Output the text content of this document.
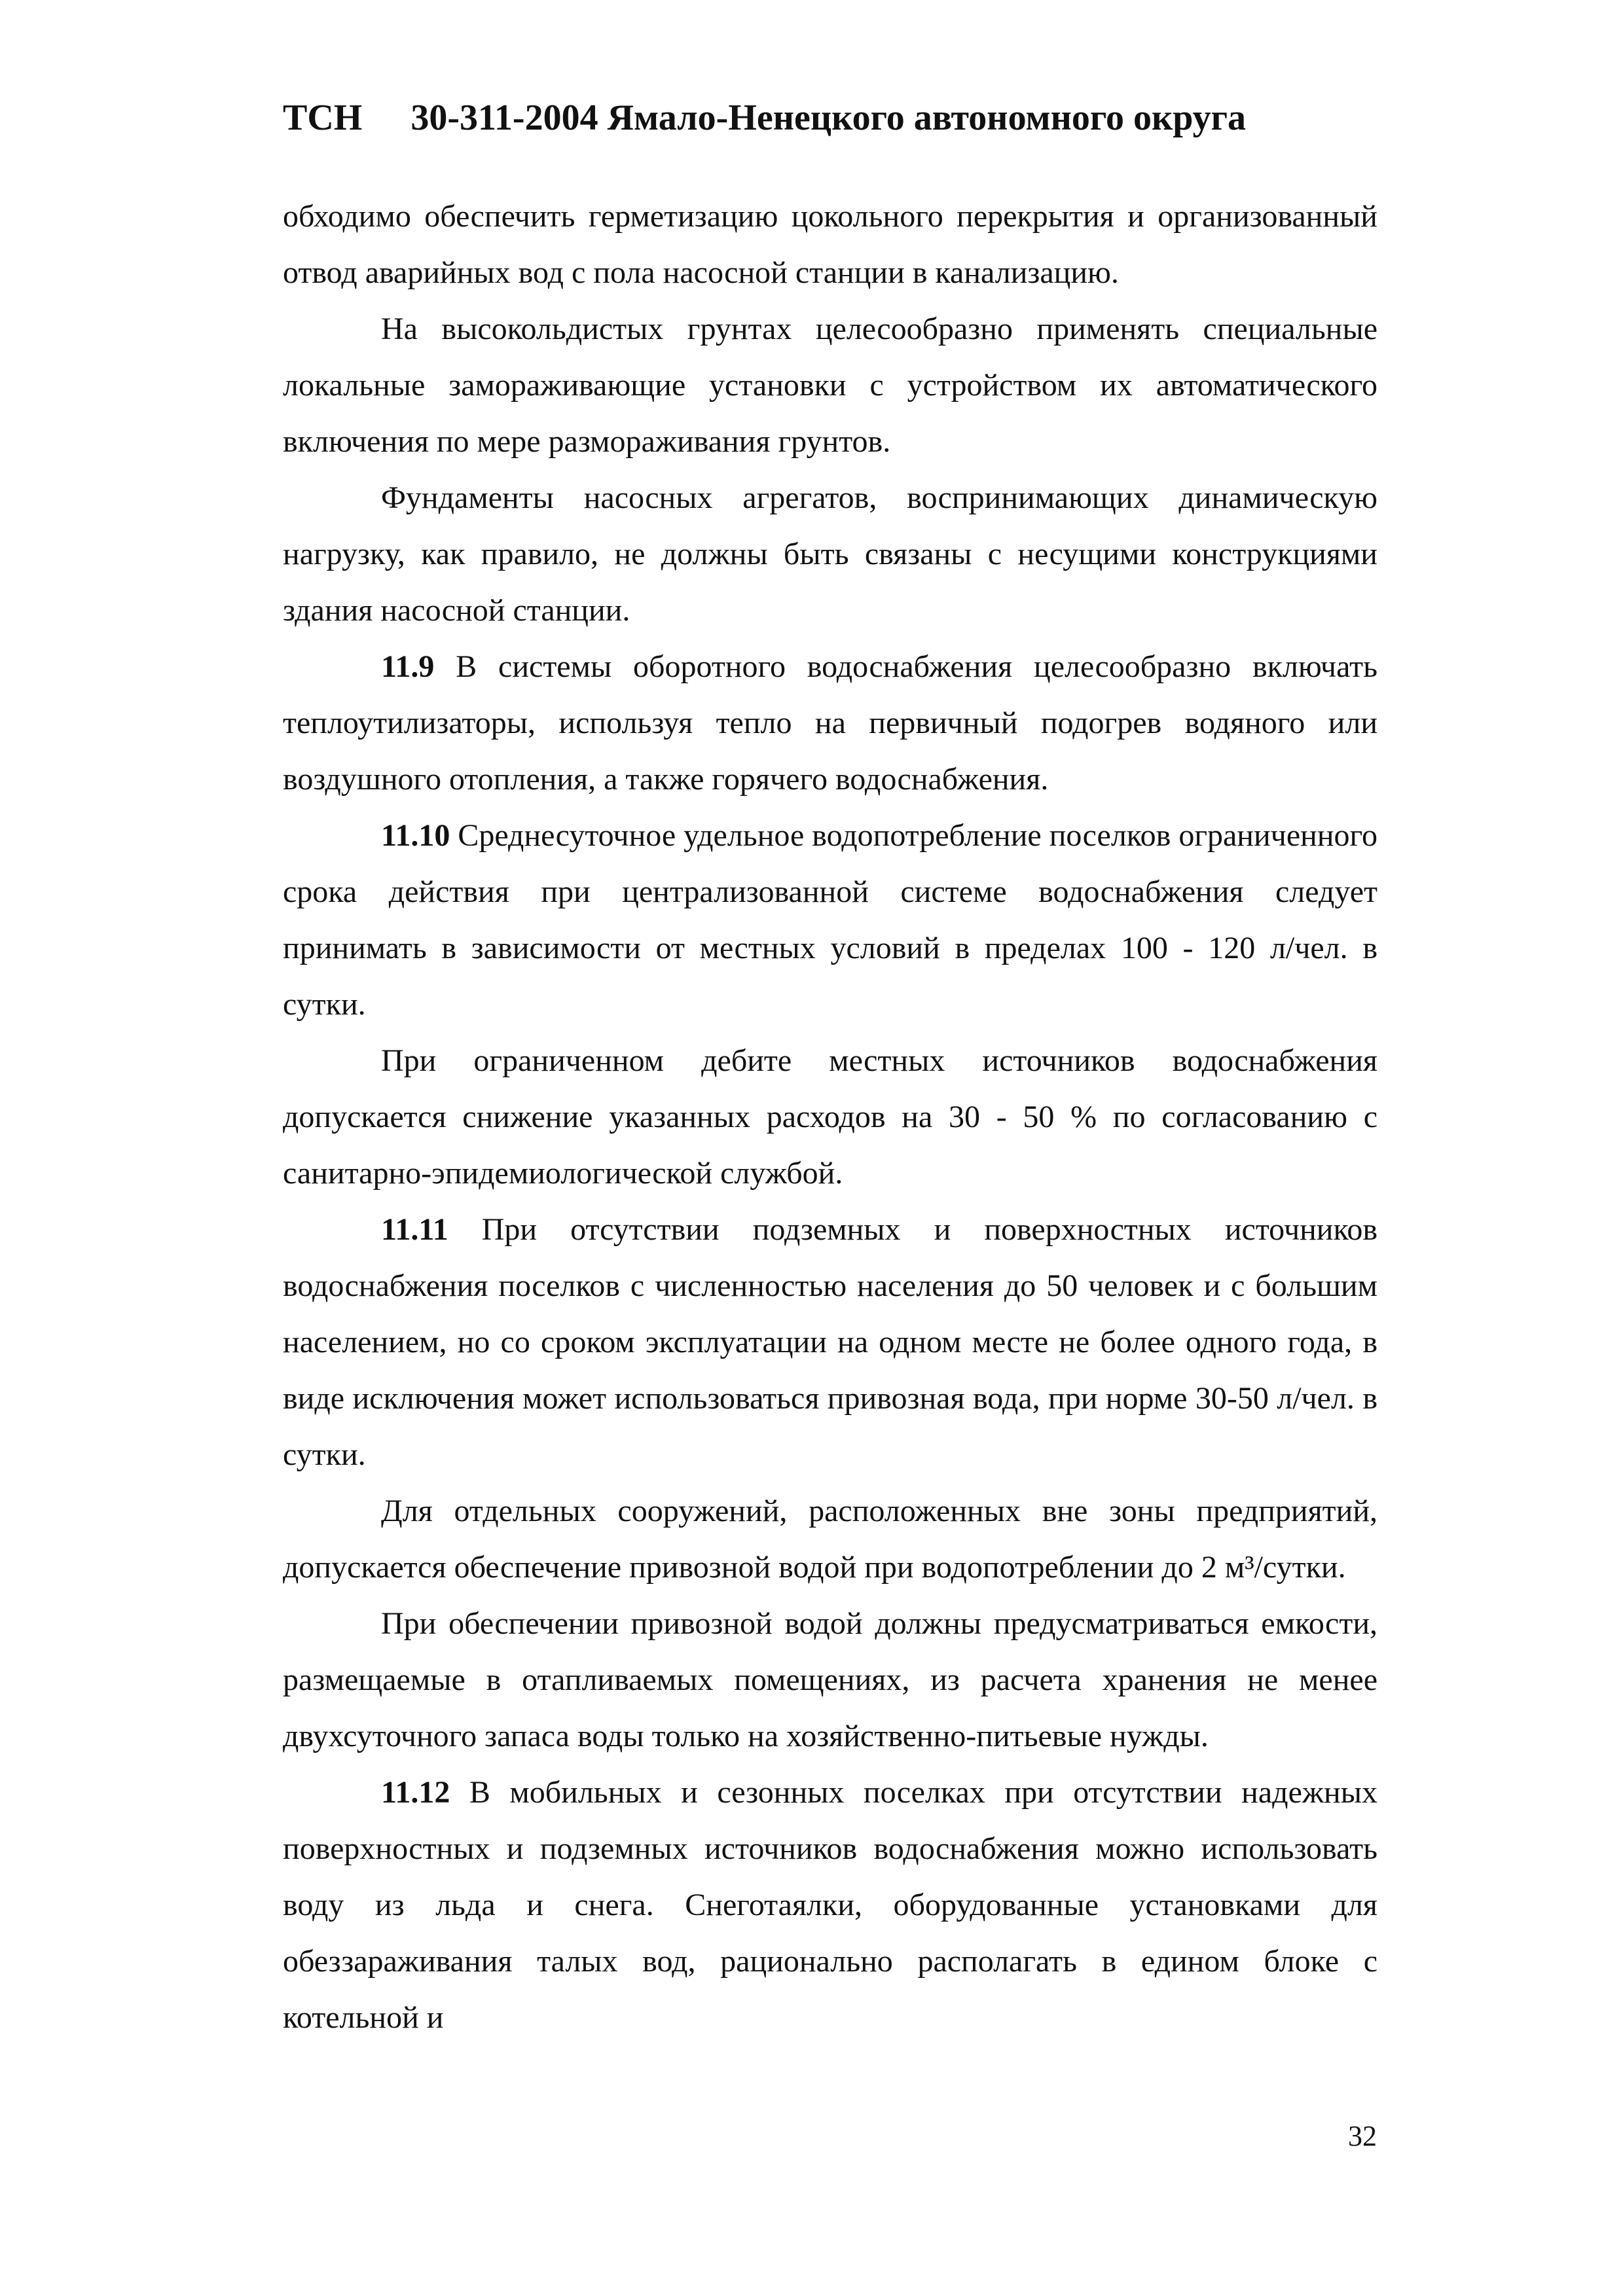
ТСН 30-311-2004 Ямало-Ненецкого автономного округа

обходимо обеспечить герметизацию цокольного перекрытия и организованный отвод аварийных вод с пола насосной станции в канализацию.

На высокольдистых грунтах целесообразно применять специальные локальные замораживающие установки с устройством их автоматического включения по мере размораживания грунтов.

Фундаменты насосных агрегатов, воспринимающих динамическую нагрузку, как правило, не должны быть связаны с несущими конструкциями здания насосной станции.

11.9 В системы оборотного водоснабжения целесообразно включать теплоутилизаторы, используя тепло на первичный подогрев водяного или воздушного отопления, а также горячего водоснабжения.

11.10 Среднесуточное удельное водопотребление поселков ограниченного срока действия при централизованной системе водоснабжения следует принимать в зависимости от местных условий в пределах 100 - 120 л/чел. в сутки.

При ограниченном дебите местных источников водоснабжения допускается снижение указанных расходов на 30 - 50 % по согласованию с санитарно-эпидемиологической службой.

11.11 При отсутствии подземных и поверхностных источников водоснабжения поселков с численностью населения до 50 человек и с большим населением, но со сроком эксплуатации на одном месте не более одного года, в виде исключения может использоваться привозная вода, при норме 30-50 л/чел. в сутки.

Для отдельных сооружений, расположенных вне зоны предприятий, допускается обеспечение привозной водой при водопотреблении до 2 м³/сутки.

При обеспечении привозной водой должны предусматриваться емкости, размещаемые в отапливаемых помещениях, из расчета хранения не менее двухсуточного запаса воды только на хозяйственно-питьевые нужды.

11.12 В мобильных и сезонных поселках при отсутствии надежных поверхностных и подземных источников водоснабжения можно использовать воду из льда и снега. Снеготаялки, оборудованные установками для обеззараживания талых вод, рационально располагать в едином блоке с котельной и

32
